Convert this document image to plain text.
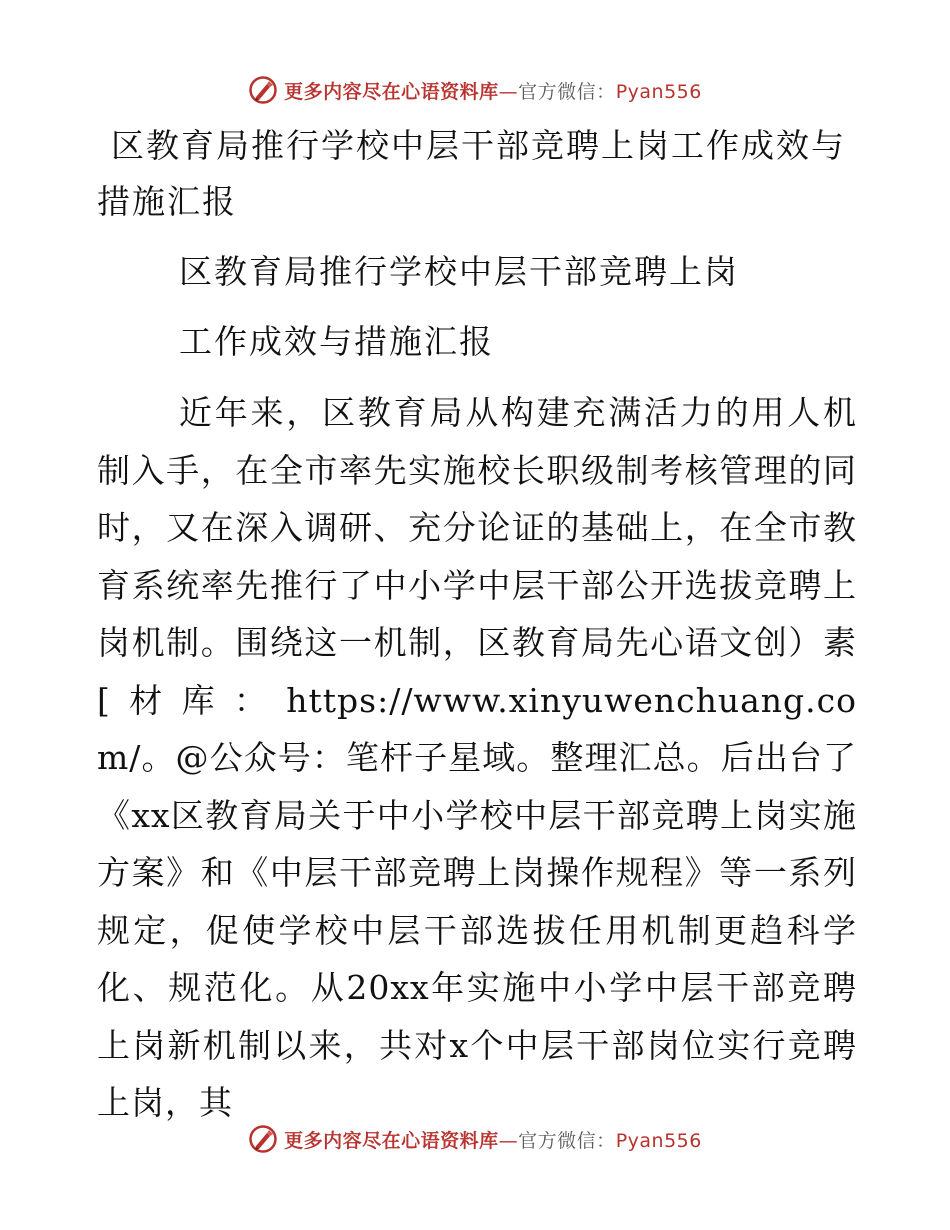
更多内容尽在心语资料库—官方微信：Pyan556
区教育局推行学校中层干部竞聘上岗工作成效与
措施汇报

区教育局推行学校中层干部竞聘上岗

工作成效与措施汇报

近年来，区教育局从构建充满活力的用人机制入手，在全市率先实施校长职级制考核管理的同时，又在深入调研、充分论证的基础上，在全市教育系统率先推行了中小学中层干部公开选拔竞聘上岗机制。围绕这一机制，区教育局先心语文创）素[材库：https://www.xinyuwenchuang.com/。@公众号：笔杆子星域。整理汇总。后出台了《xx区教育局关于中小学校中层干部竞聘上岗实施方案》和《中层干部竞聘上岗操作规程》等一系列规定，促使学校中层干部选拔任用机制更趋科学化、规范化。从20xx年实施中小学中层干部竞聘上岗新机制以来，共对x个中层干部岗位实行竞聘上岗，其

更多内容尽在心语资料库—官方微信：Pyan556
